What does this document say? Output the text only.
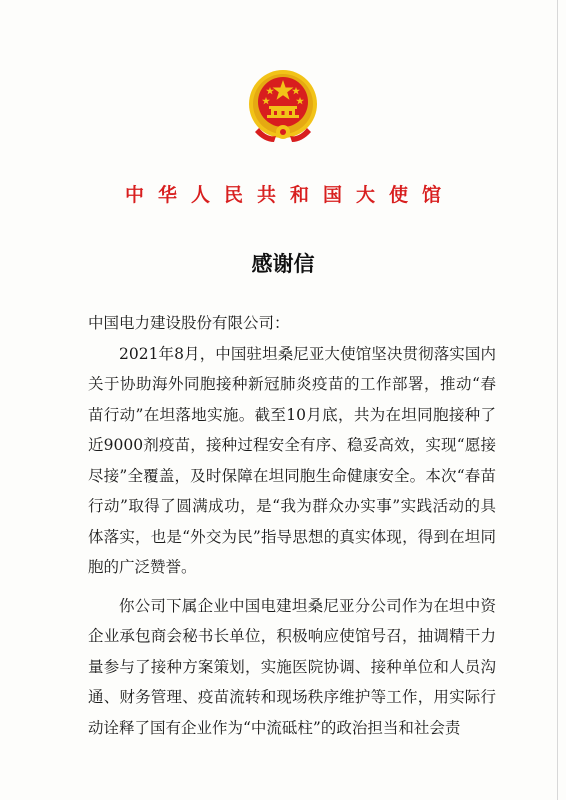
中华人民共和国大使馆
感谢信

中国电力建设股份有限公司：

2021年8月，中国驻坦桑尼亚大使馆坚决贯彻落实国内关于协助海外同胞接种新冠肺炎疫苗的工作部署，推动“春苗行动”在坦落地实施。截至10月底，共为在坦同胞接种了近9000剂疫苗，接种过程安全有序、稳妥高效，实现“愿接尽接”全覆盖，及时保障在坦同胞生命健康安全。本次“春苗行动”取得了圆满成功，是“我为群众办实事”实践活动的具体落实，也是“外交为民”指导思想的真实体现，得到在坦同胞的广泛赞誉。

你公司下属企业中国电建坦桑尼亚分公司作为在坦中资企业承包商会秘书长单位，积极响应使馆号召，抽调精干力量参与了接种方案策划，实施医院协调、接种单位和人员沟通、财务管理、疫苗流转和现场秩序维护等工作，用实际行动诠释了国有企业作为“中流砥柱”的政治担当和社会责
